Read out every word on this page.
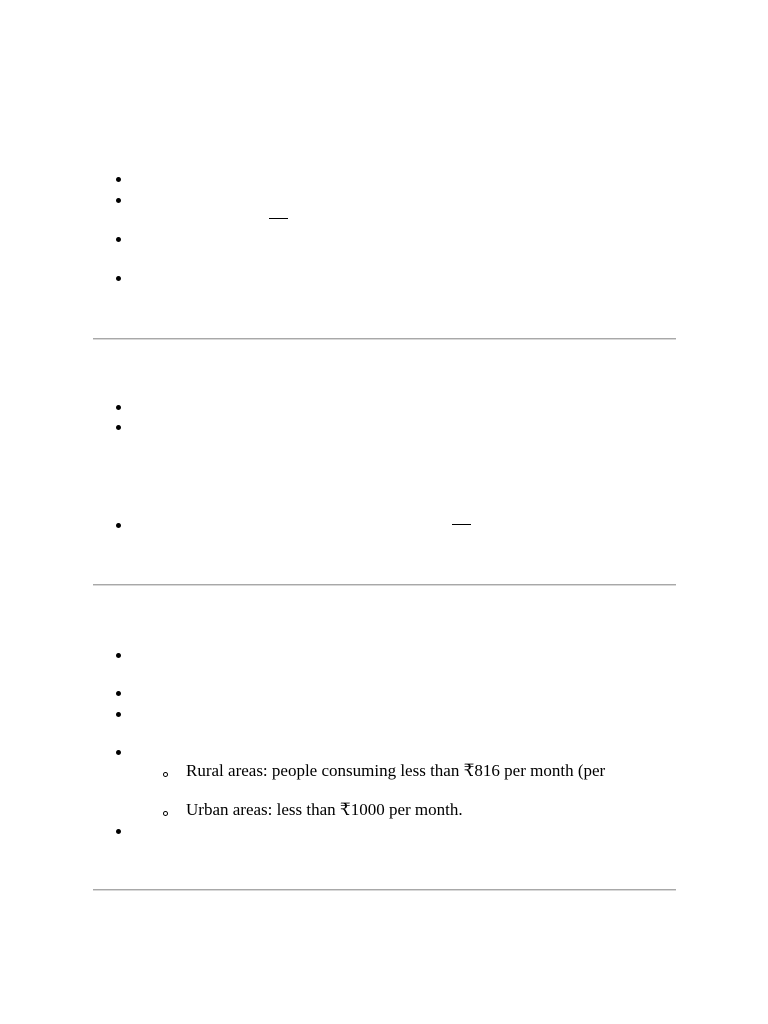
Rural areas: people consuming less than ₹816 per month (per
Urban areas: less than ₹1000 per month.
